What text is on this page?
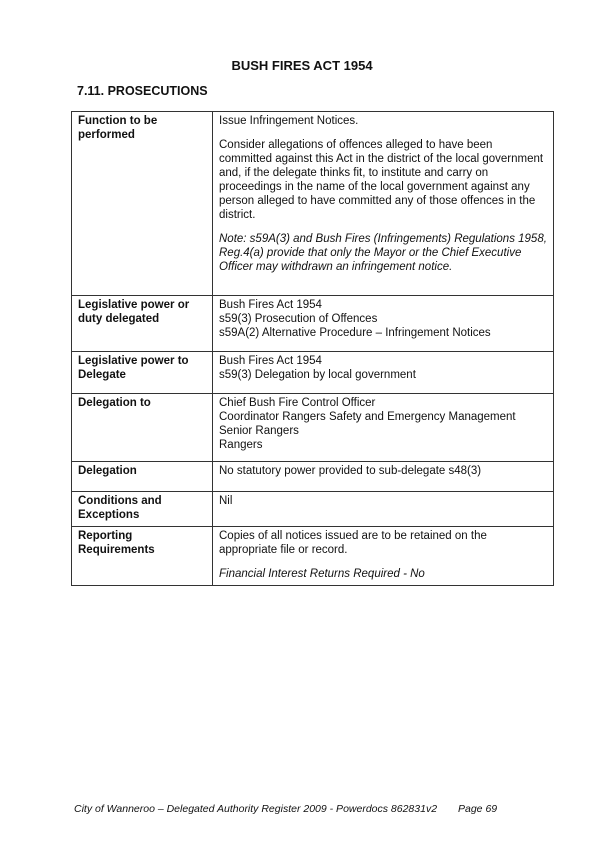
BUSH FIRES ACT 1954
7.11. PROSECUTIONS
Function to be performed	Issue Infringement Notices.

Consider allegations of offences alleged to have been committed against this Act in the district of the local government and, if the delegate thinks fit, to institute and carry on proceedings in the name of the local government against any person alleged to have committed any of those offences in the district.

Note: s59A(3) and Bush Fires (Infringements) Regulations 1958, Reg.4(a) provide that only the Mayor or the Chief Executive Officer may withdrawn an infringement notice.

Legislative power or duty delegated	Bush Fires Act 1954
s59(3) Prosecution of Offences
s59A(2) Alternative Procedure – Infringement Notices

Legislative power to Delegate	Bush Fires Act 1954
s59(3) Delegation by local government

Delegation to	Chief Bush Fire Control Officer
Coordinator Rangers Safety and Emergency Management
Senior Rangers
Rangers

Delegation	No statutory power provided to sub-delegate s48(3)
Conditions and Exceptions	Nil
Reporting Requirements	Copies of all notices issued are to be retained on the appropriate file or record.

Financial Interest Returns Required - No

City of Wanneroo – Delegated Authority Register 2009 - Powerdocs 862831v2 Page 69
